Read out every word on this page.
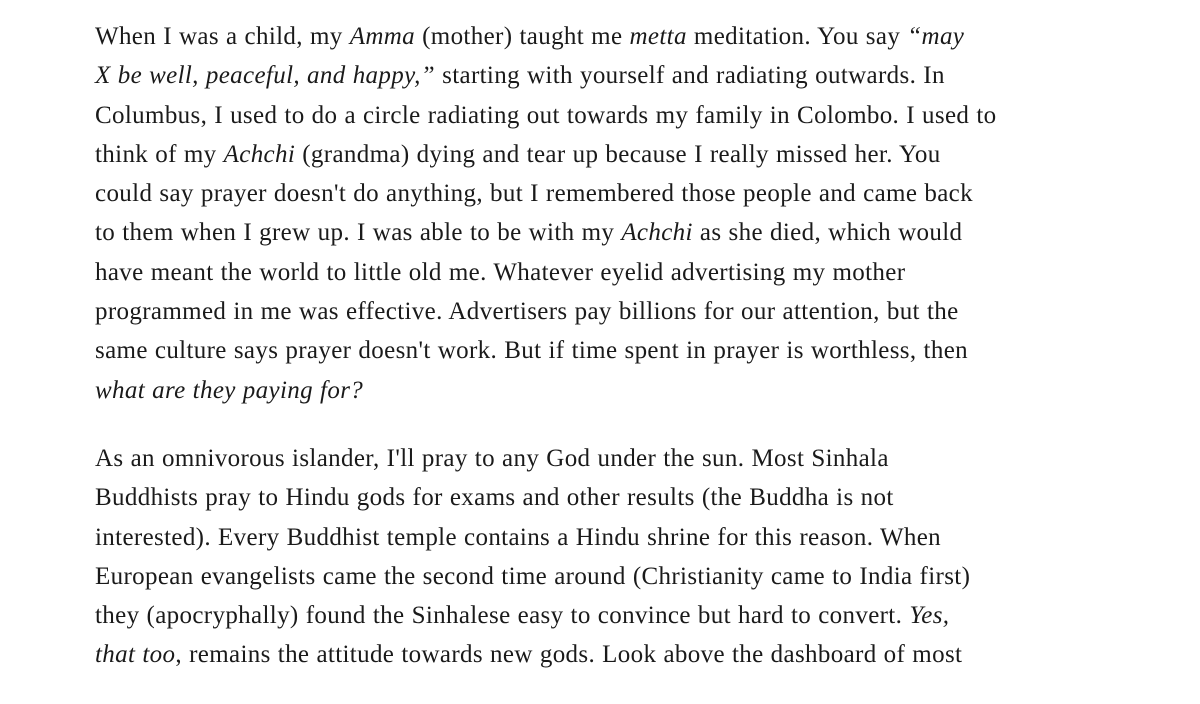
When I was a child, my Amma (mother) taught me metta meditation. You say “may
X be well, peaceful, and happy,” starting with yourself and radiating outwards. In
Columbus, I used to do a circle radiating out towards my family in Colombo. I used to
think of my Achchi (grandma) dying and tear up because I really missed her. You
could say prayer doesn't do anything, but I remembered those people and came back
to them when I grew up. I was able to be with my Achchi as she died, which would
have meant the world to little old me. Whatever eyelid advertising my mother
programmed in me was effective. Advertisers pay billions for our attention, but the
same culture says prayer doesn't work. But if time spent in prayer is worthless, then
what are they paying for?

As an omnivorous islander, I'll pray to any God under the sun. Most Sinhala
Buddhists pray to Hindu gods for exams and other results (the Buddha is not
interested). Every Buddhist temple contains a Hindu shrine for this reason. When
European evangelists came the second time around (Christianity came to India first)
they (apocryphally) found the Sinhalese easy to convince but hard to convert. Yes,
that too, remains the attitude towards new gods. Look above the dashboard of most
